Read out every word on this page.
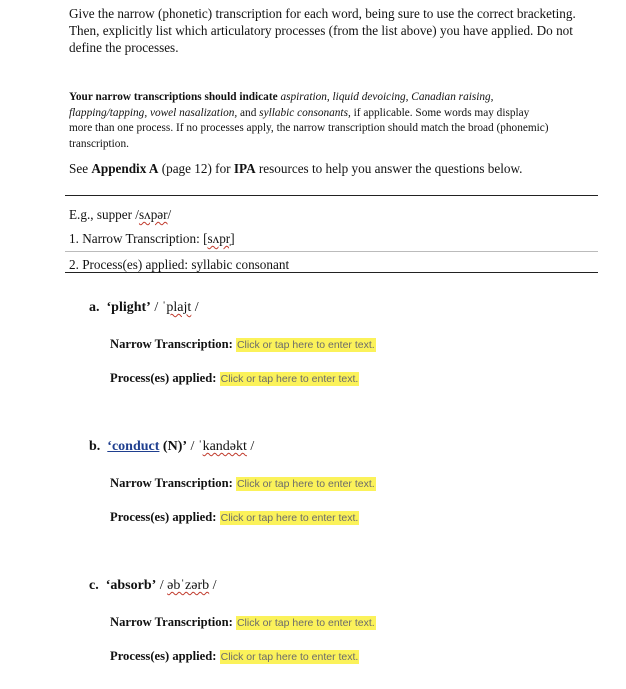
Give the narrow (phonetic) transcription for each word, being sure to use the correct bracketing.
Then, explicitly list which articulatory processes (from the list above) you have applied. Do not
define the processes.
Your narrow transcriptions should indicate aspiration, liquid devoicing, Canadian raising,
flapping/tapping, vowel nasalization, and syllabic consonants, if applicable. Some words may display
more than one process. If no processes apply, the narrow transcription should match the broad (phonemic)
transcription.
See Appendix A (page 12) for IPA resources to help you answer the questions below.
E.g., supper /sʌpər/
1. Narrow Transcription: [sʌpr̩]
2. Process(es) applied: syllabic consonant
a. ‘plight’ / ˈplajt /
Narrow Transcription: Click or tap here to enter text.
Process(es) applied: Click or tap here to enter text.
b. ‘conduct (N)’ / ˈkandəkt /
Narrow Transcription: Click or tap here to enter text.
Process(es) applied: Click or tap here to enter text.
c. ‘absorb’ / əbˈzərb /
Narrow Transcription: Click or tap here to enter text.
Process(es) applied: Click or tap here to enter text.
